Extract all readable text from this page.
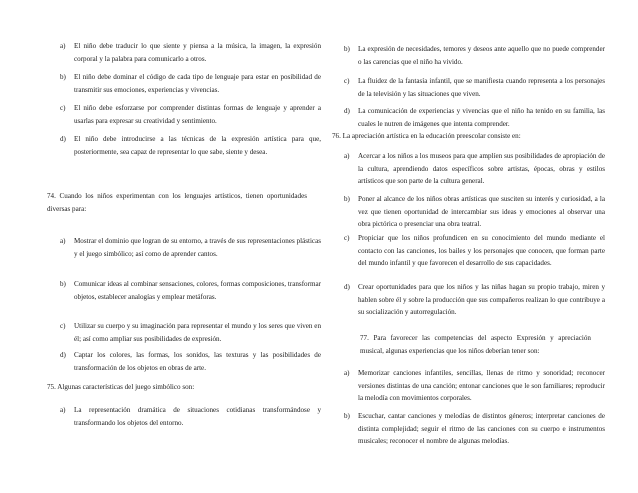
a) El niño debe traducir lo que siente y piensa a la música, la imagen, la expresión corporal y la palabra para comunicarlo a otros.
b) El niño debe dominar el código de cada tipo de lenguaje para estar en posibilidad de transmitir sus emociones, experiencias y vivencias.
c) El niño debe esforzarse por comprender distintas formas de lenguaje y aprender a usarlas para expresar su creatividad y sentimiento.
d) El niño debe introducirse a las técnicas de la expresión artística para que, posteriormente, sea capaz de representar lo que sabe, siente y desea.
74. Cuando los niños experimentan con los lenguajes artísticos, tienen oportunidades diversas para:
a) Mostrar el dominio que logran de su entorno, a través de sus representaciones plásticas y el juego simbólico; así como de aprender cantos.
b) Comunicar ideas al combinar sensaciones, colores, formas composiciones, transformar objetos, establecer analogías y emplear metáforas.
c) Utilizar su cuerpo y su imaginación para representar el mundo y los seres que viven en él; así como ampliar sus posibilidades de expresión.
d) Captar los colores, las formas, los sonidos, las texturas y las posibilidades de transformación de los objetos en obras de arte.
75. Algunas características del juego simbólico son:
a) La representación dramática de situaciones cotidianas transformándose y transformando los objetos del entorno.
b) La expresión de necesidades, temores y deseos ante aquello que no puede comprender o las carencias que el niño ha vivido.
c) La fluidez de la fantasía infantil, que se manifiesta cuando representa a los personajes de la televisión y las situaciones que viven.
d) La comunicación de experiencias y vivencias que el niño ha tenido en su familia, las cuales le nutren de imágenes que intenta comprender.
76. La apreciación artística en la educación preescolar consiste en:
a) Acercar a los niños a los museos para que amplíen sus posibilidades de apropiación de la cultura, aprendiendo datos específicos sobre artistas, épocas, obras y estilos artísticos que son parte de la cultura general.
b) Poner al alcance de los niños obras artísticas que susciten su interés y curiosidad, a la vez que tienen oportunidad de intercambiar sus ideas y emociones al observar una obra pictórica o presenciar una obra teatral.
c) Propiciar que los niños profundicen en su conocimiento del mundo mediante el contacto con las canciones, los bailes y los personajes que conocen, que forman parte del mundo infantil y que favorecen el desarrollo de sus capacidades.
d) Crear oportunidades para que los niños y las niñas hagan su propio trabajo, miren y hablen sobre él y sobre la producción que sus compañeros realizan lo que contribuye a su socialización y autorregulación.
77. Para favorecer las competencias del aspecto Expresión y apreciación musical, algunas experiencias que los niños deberían tener son:
a) Memorizar canciones infantiles, sencillas, llenas de ritmo y sonoridad; reconocer versiones distintas de una canción; entonar canciones que le son familiares; reproducir la melodía con movimientos corporales.
b) Escuchar, cantar canciones y melodías de distintos géneros; interpretar canciones de distinta complejidad; seguir el ritmo de las canciones con su cuerpo e instrumentos musicales; reconocer el nombre de algunas melodías.
